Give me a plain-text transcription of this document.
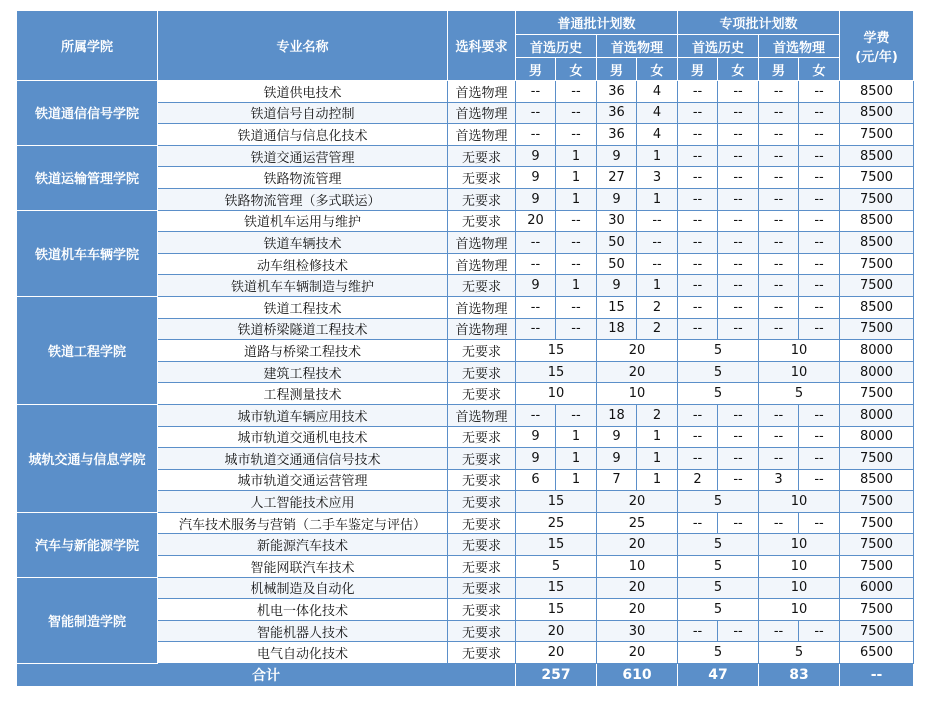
所属学院	专业名称	选科要求	普通批计划数				专项批计划数				学费
(元/年)

			首选历史		首选物理		首选历史		首选物理		
			男	女	男	女	男	女	男	女	
铁道通信信号学院	铁道供电技术	首选物理	--	--	36	4	--	--	--	--	8500
	铁道信号自动控制	首选物理	--	--	36	4	--	--	--	--	8500
	铁道通信与信息化技术	首选物理	--	--	36	4	--	--	--	--	7500
铁道运输管理学院	铁道交通运营管理	无要求	9	1	9	1	--	--	--	--	8500
	铁路物流管理	无要求	9	1	27	3	--	--	--	--	7500
	铁路物流管理（多式联运）	无要求	9	1	9	1	--	--	--	--	7500
铁道机车车辆学院	铁道机车运用与维护	无要求	20	--	30	--	--	--	--	--	8500
	铁道车辆技术	首选物理	--	--	50	--	--	--	--	--	8500
	动车组检修技术	首选物理	--	--	50	--	--	--	--	--	7500
	铁道机车车辆制造与维护	无要求	9	1	9	1	--	--	--	--	7500
铁道工程学院	铁道工程技术	首选物理	--	--	15	2	--	--	--	--	8500
	铁道桥梁隧道工程技术	首选物理	--	--	18	2	--	--	--	--	7500
	道路与桥梁工程技术	无要求	15		20		5		10		8000
	建筑工程技术	无要求	15		20		5		10		8000
	工程测量技术	无要求	10		10		5		5		7500
城轨交通与信息学院	城市轨道车辆应用技术	首选物理	--	--	18	2	--	--	--	--	8000
	城市轨道交通机电技术	无要求	9	1	9	1	--	--	--	--	8000
	城市轨道交通通信信号技术	无要求	9	1	9	1	--	--	--	--	7500
	城市轨道交通运营管理	无要求	6	1	7	1	2	--	3	--	8500
	人工智能技术应用	无要求	15		20		5		10		7500
汽车与新能源学院	汽车技术服务与营销（二手车鉴定与评估）	无要求	25		25		--	--	--	--	7500
	新能源汽车技术	无要求	15		20		5		10		7500
	智能网联汽车技术	无要求	5		10		5		10		7500
智能制造学院	机械制造及自动化	无要求	15		20		5		10		6000
	机电一体化技术	无要求	15		20		5		10		7500
	智能机器人技术	无要求	20		30		--	--	--	--	7500
	电气自动化技术	无要求	20		20		5		5		6500
合计			257		610		47		83		--
